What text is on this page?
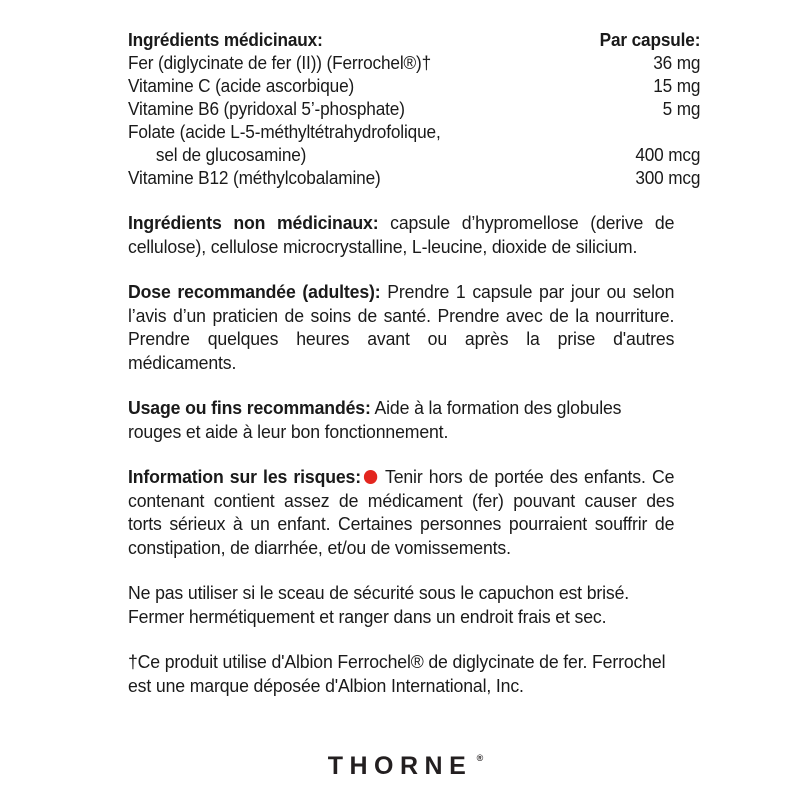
Ingrédients médicinaux:	Par capsule:
Fer (diglycinate de fer (II)) (Ferrochel®)†	36 mg
Vitamine C (acide ascorbique)	15 mg
Vitamine B6 (pyridoxal 5’-phosphate)	5 mg
Folate (acide L-5-méthyltétrahydrofolique,	
sel de glucosamine)	400 mcg
Vitamine B12 (méthylcobalamine)	300 mcg

Ingrédients non médicinaux: capsule d’hypromellose (derive de cellulose), cellulose microcrystalline, L-leucine, dioxide de silicium.

Dose recommandée (adultes): Prendre 1 capsule par jour ou selon l’avis d’un praticien de soins de santé. Prendre avec de la nourriture. Prendre quelques heures avant ou après la prise d'autres médicaments.

Usage ou fins recommandés: Aide à la formation des globules rouges et aide à leur bon fonctionnement.

Information sur les risques: Tenir hors de portée des enfants. Ce contenant contient assez de médicament (fer) pouvant causer des torts sérieux à un enfant. Certaines personnes pourraient souffrir de constipation, de diarrhée, et/ou de vomissements.

Ne pas utiliser si le sceau de sécurité sous le capuchon est brisé. Fermer hermétiquement et ranger dans un endroit frais et sec.

†Ce produit utilise d'Albion Ferrochel® de diglycinate de fer. Ferrochel est une marque déposée d'Albion International, Inc.

THORNE ®
